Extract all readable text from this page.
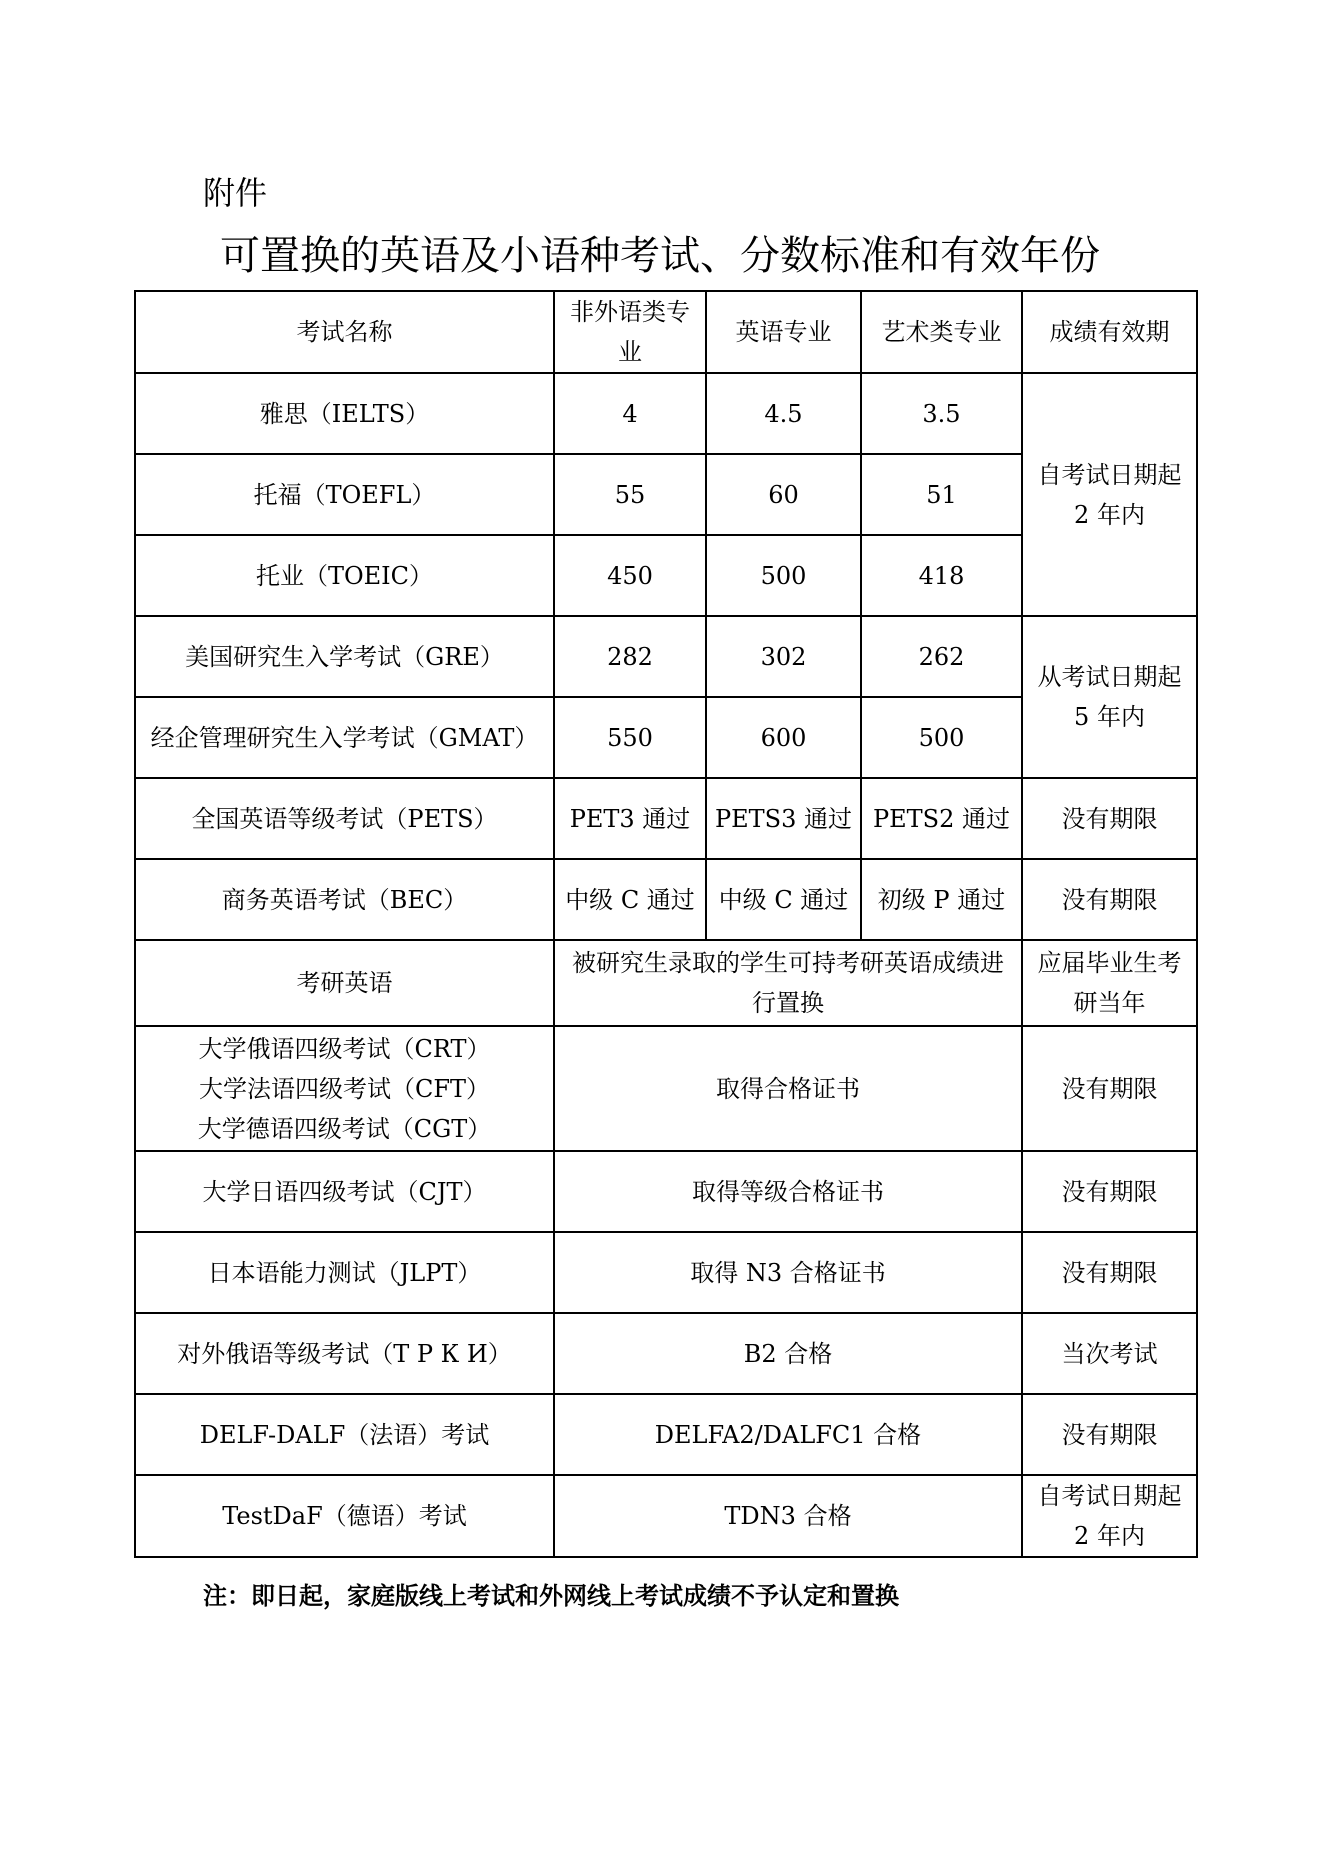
附件
可置换的英语及小语种考试、分数标准和有效年份
考试名称	非外语类专业	英语专业	艺术类专业	成绩有效期
雅思（IELTS）	4	4.5	3.5	自考试日期起 2 年内
托福（TOEFL）	55	60	51	
托业（TOEIC）	450	500	418	
美国研究生入学考试（GRE）	282	302	262	从考试日期起 5 年内
经企管理研究生入学考试（GMAT）	550	600	500	
全国英语等级考试（PETS）	PET3 通过	PETS3 通过	PETS2 通过	没有期限
商务英语考试（BEC）	中级 C 通过	中级 C 通过	初级 P 通过	没有期限
考研英语	被研究生录取的学生可持考研英语成绩进行置换			应届毕业生考研当年

大学俄语四级考试（CRT）
大学法语四级考试（CFT）
大学德语四级考试（CGT）	取得合格证书			没有期限
大学日语四级考试（CJT）	取得等级合格证书			没有期限
日本语能力测试（JLPT）	取得 N3 合格证书			没有期限
对外俄语等级考试（Т Р К И）	B2 合格			当次考试
DELF-DALF（法语）考试	DELFA2/DALFC1 合格			没有期限
TestDaF（德语）考试	TDN3 合格			自考试日期起 2 年内
注：即日起，家庭版线上考试和外网线上考试成绩不予认定和置换
